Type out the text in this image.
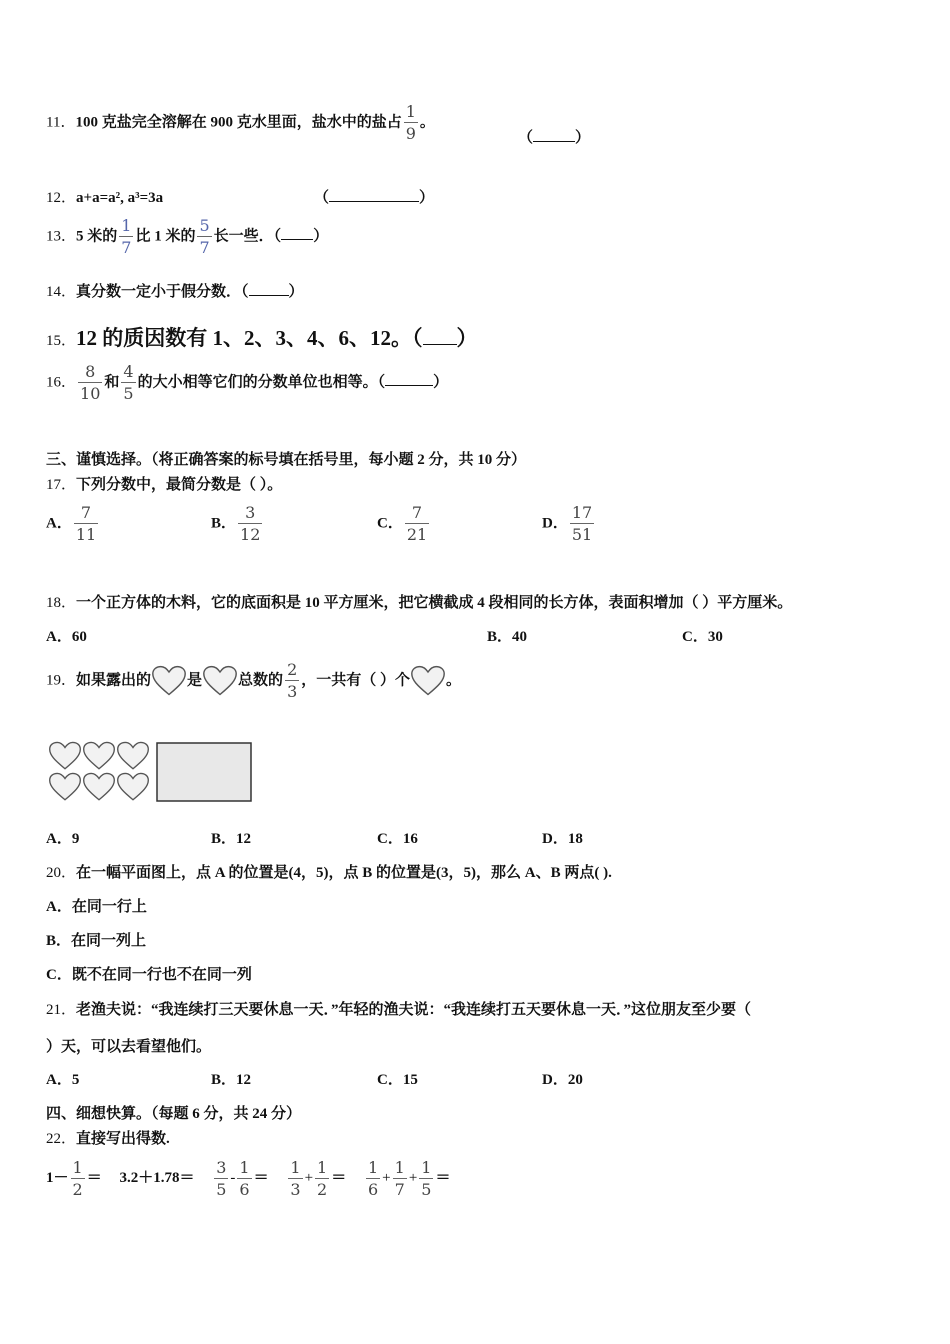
11．100 克盐完全溶解在 900 克水里面，盐水中的盐占 $\frac{1}{9}$ 。
（	）
12．a+a=a², a³=3a	（	）
13．5 米的 $\frac{1}{7}$ 比 1 米的 $\frac{5}{7}$ 长一些．（ ）
14．真分数一定小于假分数．（	）
15．12 的质因数有 1、2、3、4、6、12。（ ）
16． $\frac{8}{10}$ 和 $\frac{4}{5}$ 的大小相等它们的分数单位也相等。（	）
三、谨慎选择。（将正确答案的标号填在括号里，每小题 2 分，共 10 分）
17．下列分数中，最简分数是（ ）。
A． $\frac{7}{11}$	B． $\frac{3}{12}$	C． $\frac{7}{21}$	D． $\frac{17}{51}$
18．一个正方体的木料，它的底面积是 10 平方厘米，把它横截成 4 段相同的长方体，表面积增加（ ）平方厘米。
A．60	B．40	C．30
19．如果露出的 是 总数的 $\frac{2}{3}$ ，一共有（ ）个 。
A．9	B．12	C．16	D．18
20．在一幅平面图上，点 A 的位置是(4，5)，点 B 的位置是(3，5)，那么 A、B 两点( ).
A．在同一行上
B．在同一列上
C．既不在同一行也不在同一列
21．老渔夫说：“我连续打三天要休息一天．”年轻的渔夫说：“我连续打五天要休息一天．”这位朋友至少要（
）天，可以去看望他们。
A．5	B．12	C．15	D．20
四、细想快算。（每题 6 分，共 24 分）
22．直接写出得数.
$1- \frac{1}{2} = 3.2+1.78= \frac{3}{5} - \frac{1}{6} = \frac{1}{3} + \frac{1}{2} = \frac{1}{6} + \frac{1}{7} + \frac{1}{5}$ ＝
